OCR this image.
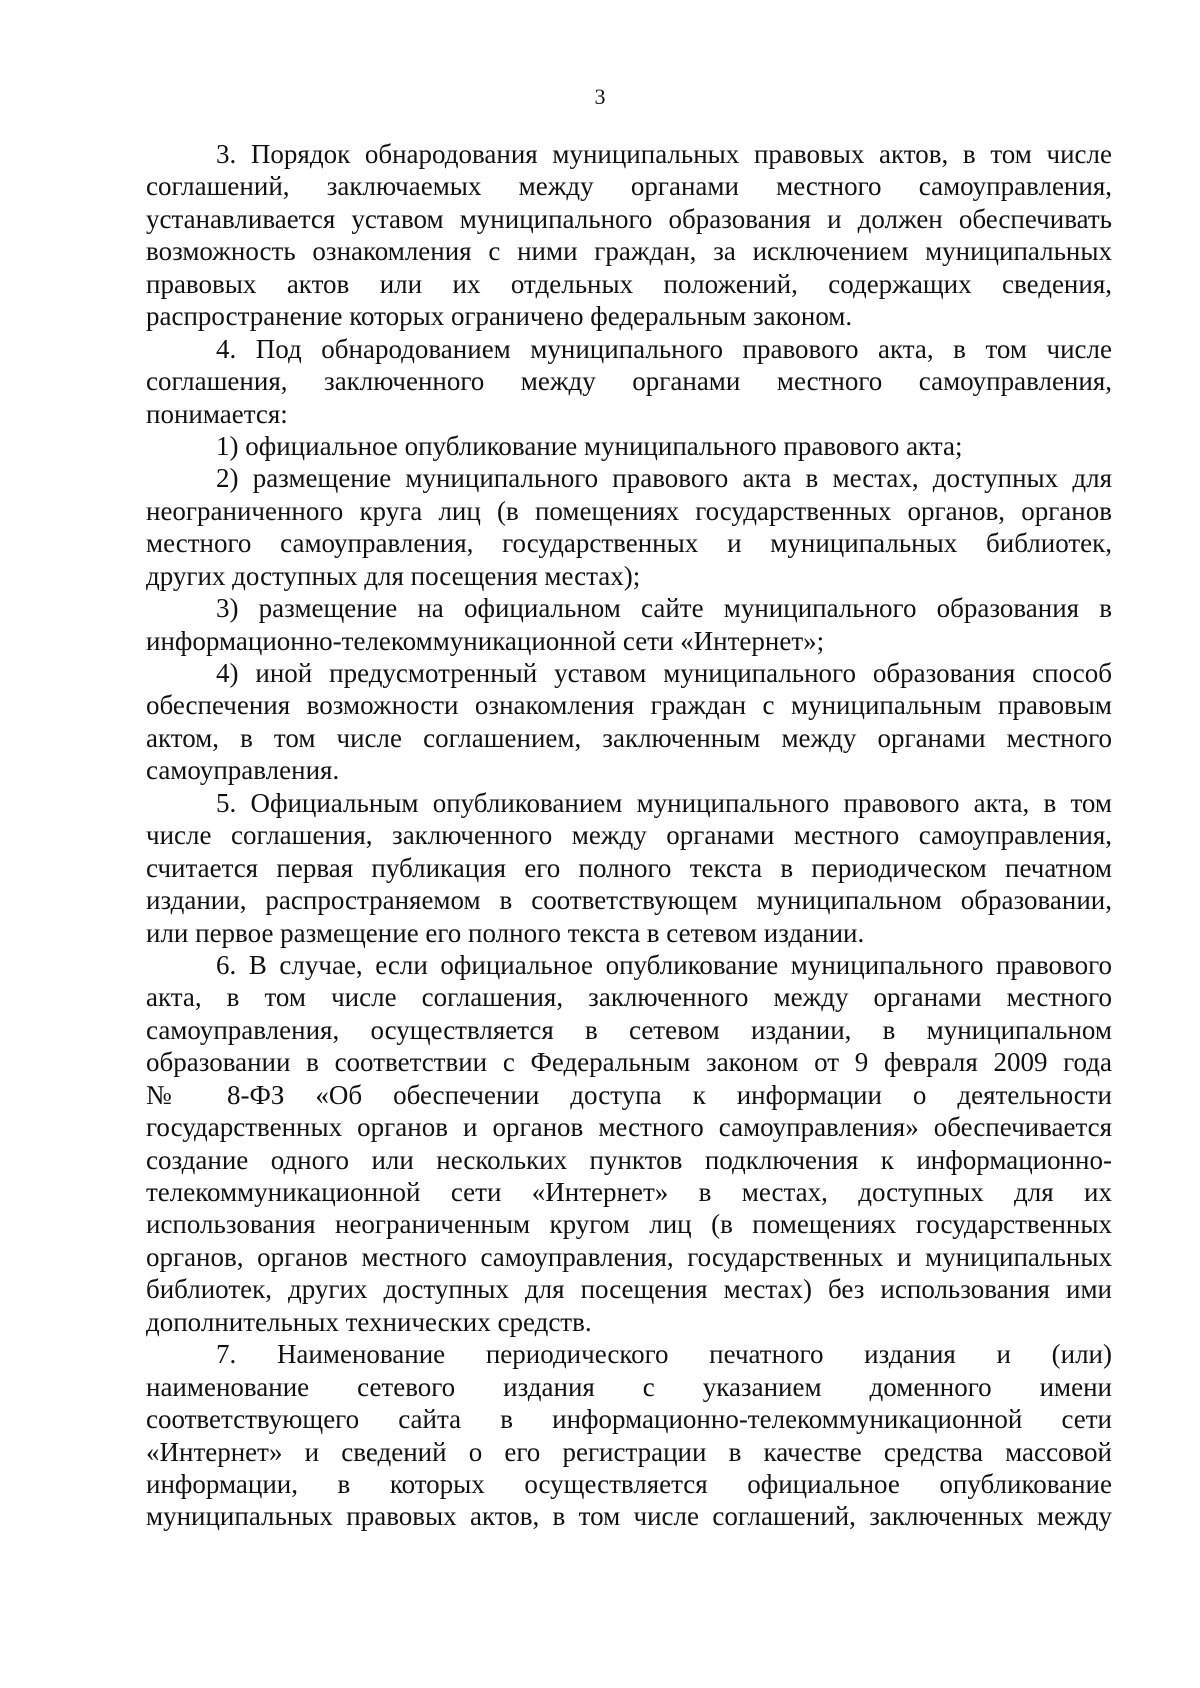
3
3. Порядок обнародования муниципальных правовых актов, в том числе
соглашений, заключаемых между органами местного самоуправления,
устанавливается уставом муниципального образования и должен обеспечивать
возможность ознакомления с ними граждан, за исключением муниципальных
правовых актов или их отдельных положений, содержащих сведения,
распространение которых ограничено федеральным законом.
4. Под обнародованием муниципального правового акта, в том числе
соглашения, заключенного между органами местного самоуправления,
понимается:
1) официальное опубликование муниципального правового акта;
2) размещение муниципального правового акта в местах, доступных для
неограниченного круга лиц (в помещениях государственных органов, органов
местного самоуправления, государственных и муниципальных библиотек,
других доступных для посещения местах);
3) размещение на официальном сайте муниципального образования в
информационно-телекоммуникационной сети «Интернет»;
4) иной предусмотренный уставом муниципального образования способ
обеспечения возможности ознакомления граждан с муниципальным правовым
актом, в том числе соглашением, заключенным между органами местного
самоуправления.
5. Официальным опубликованием муниципального правового акта, в том
числе соглашения, заключенного между органами местного самоуправления,
считается первая публикация его полного текста в периодическом печатном
издании, распространяемом в соответствующем муниципальном образовании,
или первое размещение его полного текста в сетевом издании.
6. В случае, если официальное опубликование муниципального правового
акта, в том числе соглашения, заключенного между органами местного
самоуправления, осуществляется в сетевом издании, в муниципальном
образовании в соответствии с Федеральным законом от 9 февраля 2009 года
№ 8-ФЗ «Об обеспечении доступа к информации о деятельности
государственных органов и органов местного самоуправления» обеспечивается
создание одного или нескольких пунктов подключения к информационно-
телекоммуникационной сети «Интернет» в местах, доступных для их
использования неограниченным кругом лиц (в помещениях государственных
органов, органов местного самоуправления, государственных и муниципальных
библиотек, других доступных для посещения местах) без использования ими
дополнительных технических средств.
7. Наименование периодического печатного издания и (или)
наименование сетевого издания с указанием доменного имени
соответствующего сайта в информационно-телекоммуникационной сети
«Интернет» и сведений о его регистрации в качестве средства массовой
информации, в которых осуществляется официальное опубликование
муниципальных правовых актов, в том числе соглашений, заключенных между
